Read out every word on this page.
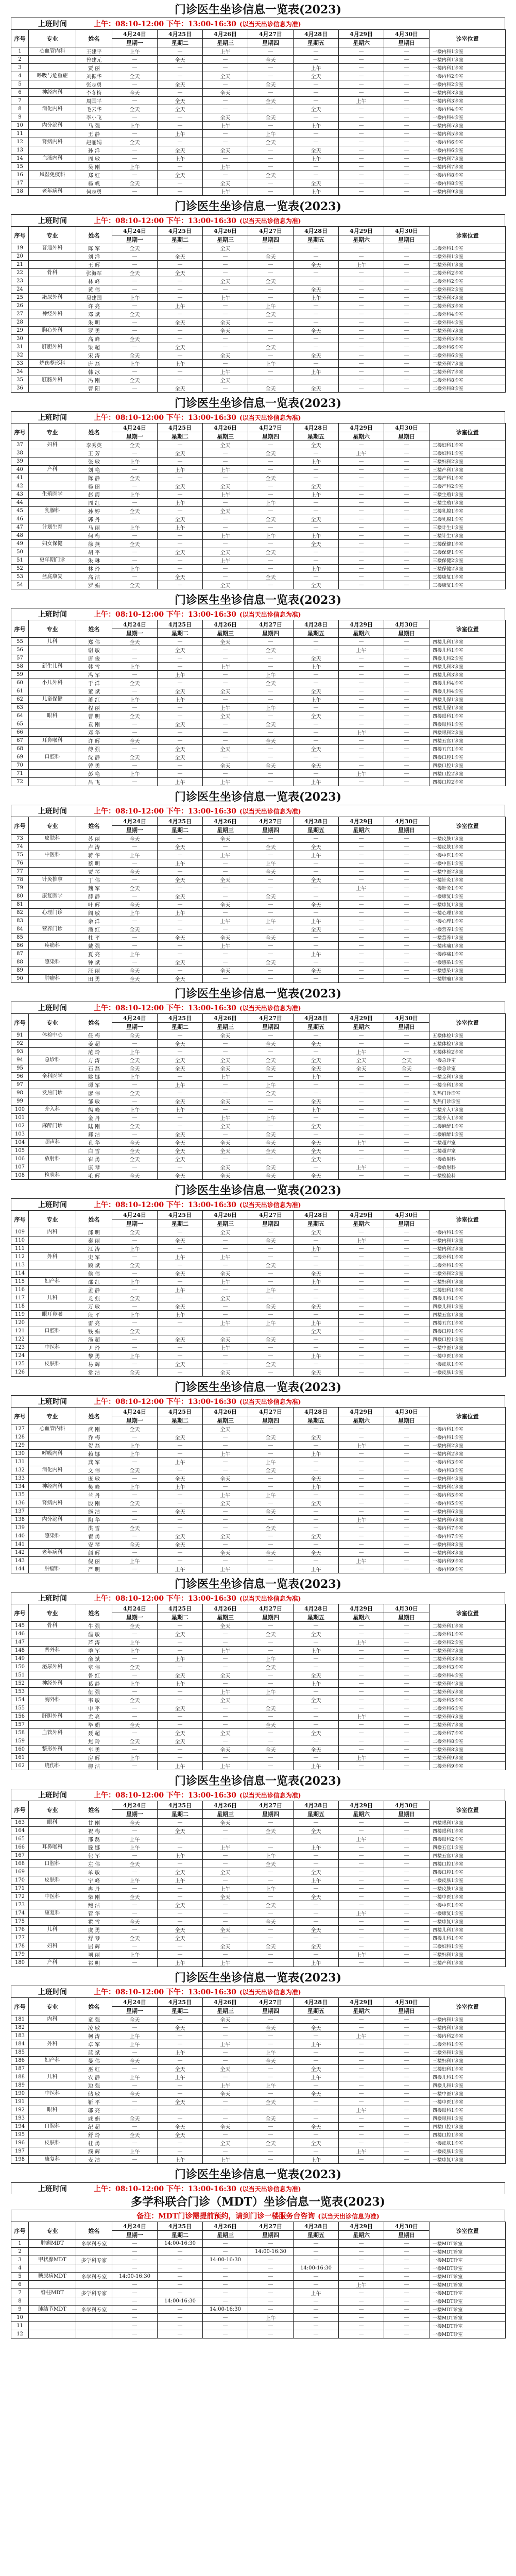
门诊医生坐诊信息一览表(2023)
上班时间	上午：08:10-12:00 下午：13:00-16:30 (以当天出诊信息为准)
序号	专业	姓名	4月24日	4月25日	4月26日	4月27日	4月28日	4月29日	4月30日	诊室位置
			星期一	星期二	星期三	星期四	星期五	星期六	星期日	
1	心血管内科	王建平	上午	—	上午	—	—	—	—	一楼内科1诊室
2		曾建元	—	全天	—	全天	—	—	—	一楼内科1诊室
3		贾 丽	—	—	—	—	上午	—	—	一楼内科1诊室
4	呼吸与危重症	刘振华	全天	—	全天	—	全天	—	—	一楼内科2诊室
5		张志勇	—	全天	—	全天	—	—	—	一楼内科2诊室
6	神经内科	李冬梅	全天	—	全天	—	—	—	—	一楼内科3诊室
7		周国平	—	全天	—	全天	—	上午	—	一楼内科3诊室
8	消化内科	毛云华	全天	全天	—	—	全天	—	—	一楼内科4诊室
9		李小飞	—	—	全天	全天	—	—	—	一楼内科4诊室
10	内分泌科	马 强	上午	—	上午	—	上午	—	—	一楼内科5诊室
11		王 静	—	上午	—	上午	—	—	—	一楼内科5诊室
12	肾病内科	赵丽娟	全天	—	—	全天	—	—	—	一楼内科6诊室
13		孙 洋	—	全天	全天	—	全天	—	—	一楼内科6诊室
14	血液内科	周 敏	—	上午	—	—	上午	—	—	一楼内科7诊室
15		吴 刚	上午	—	上午	—	—	—	—	一楼内科7诊室
16	风湿免疫科	郑 红	—	全天	—	全天	—	—	—	一楼内科8诊室
17		杨 帆	全天	—	全天	—	全天	—	—	一楼内科8诊室
18	老年病科	何志勇	—	—	上午	—	上午	—	—	一楼内科9诊室
门诊医生坐诊信息一览表(2023)
上班时间	上午：08:10-12:00 下午：13:00-16:30 (以当天出诊信息为准)
序号	专业	姓名	4月24日	4月25日	4月26日	4月27日	4月28日	4月29日	4月30日	诊室位置
			星期一	星期二	星期三	星期四	星期五	星期六	星期日	
19	普通外科	陈 军	全天	—	全天	—	—	—	—	二楼外科1诊室
20		刘 洋	—	全天	—	全天	—	—	—	二楼外科1诊室
21		王 辉	—	—	—	—	全天	上午	—	二楼外科1诊室
22	骨科	张海军	全天	全天	—	—	—	—	—	二楼外科2诊室
23		林 峰	—	—	全天	全天	—	—	—	二楼外科2诊室
24		黄 伟	—	—	—	—	全天	—	—	二楼外科2诊室
25	泌尿外科	吴建国	上午	—	上午	—	上午	—	—	二楼外科3诊室
26		许 亮	—	上午	—	上午	—	—	—	二楼外科3诊室
27	神经外科	邓 斌	全天	—	—	全天	—	—	—	二楼外科4诊室
28		朱 明	—	全天	全天	—	—	—	—	二楼外科4诊室
29	胸心外科	罗 勇	—	—	全天	—	全天	—	—	二楼外科5诊室
30		高 峰	全天	—	—	—	—	—	—	二楼外科5诊室
31	肝胆外科	梁 超	—	全天	—	全天	—	—	—	二楼外科6诊室
32		宋 涛	全天	—	全天	—	全天	—	—	二楼外科6诊室
33	烧伤整形科	唐 磊	上午	上午	—	上午	—	—	—	二楼外科7诊室
34		韩 冰	—	—	上午	—	上午	—	—	二楼外科7诊室
35	肛肠外科	冯 刚	全天	—	全天	—	—	—	—	二楼外科8诊室
36		曹 阳	—	全天	—	全天	全天	—	—	二楼外科8诊室
门诊医生坐诊信息一览表(2023)
上班时间	上午：08:10-12:00 下午：13:00-16:30 (以当天出诊信息为准)
序号	专业	姓名	4月24日	4月25日	4月26日	4月27日	4月28日	4月29日	4月30日	诊室位置
			星期一	星期二	星期三	星期四	星期五	星期六	星期日	
37	妇科	李秀英	全天	—	全天	—	全天	—	—	三楼妇科1诊室
38		王 芳	—	全天	—	全天	—	上午	—	三楼妇科1诊室
39		张 敏	上午	—	—	—	上午	—	—	三楼妇科2诊室
40	产科	刘 艳	—	上午	上午	—	—	—	—	三楼产科1诊室
41		陈 静	全天	—	—	全天	—	—	—	三楼产科1诊室
42		杨 丽	—	全天	全天	—	全天	—	—	三楼产科2诊室
43	生殖医学	赵 霞	上午	—	上午	—	上午	—	—	三楼生殖1诊室
44		周 红	—	上午	—	上午	—	—	—	三楼生殖1诊室
45	乳腺科	孙 婷	全天	—	全天	—	—	—	—	三楼乳腺1诊室
46		郭 丹	—	全天	—	全天	全天	—	—	三楼乳腺1诊室
47	计划生育	马 丽	上午	上午	—	—	—	—	—	三楼计生1诊室
48		何 梅	—	—	上午	上午	上午	—	—	三楼计生1诊室
49	妇女保健	徐 燕	全天	—	—	—	全天	—	—	三楼保健1诊室
50		胡 平	—	全天	全天	全天	—	—	—	三楼保健1诊室
51	更年期门诊	朱 琳	—	—	上午	—	—	—	—	三楼保健2诊室
52		林 玲	上午	—	—	—	上午	—	—	三楼保健2诊室
53	盆底康复	高 洁	—	全天	—	全天	—	—	—	三楼康复1诊室
54		罗 娟	全天	—	全天	—	全天	—	—	三楼康复1诊室
门诊医生坐诊信息一览表(2023)
上班时间	上午：08:10-12:00 下午：13:00-16:30 (以当天出诊信息为准)
序号	专业	姓名	4月24日	4月25日	4月26日	4月27日	4月28日	4月29日	4月30日	诊室位置
			星期一	星期二	星期三	星期四	星期五	星期六	星期日	
55	儿科	郑 伟	全天	—	全天	—	—	—	—	四楼儿科1诊室
56		谢 敏	—	全天	—	全天	—	上午	—	四楼儿科1诊室
57		唐 俊	—	—	—	—	全天	—	—	四楼儿科2诊室
58	新生儿科	韩 雪	上午	—	上午	—	上午	—	—	四楼儿科3诊室
59		冯 军	—	上午	—	上午	—	—	—	四楼儿科3诊室
60	小儿外科	于 洋	全天	—	—	全天	—	—	—	四楼儿科4诊室
61		董 斌	—	全天	全天	—	全天	—	—	四楼儿科4诊室
62	儿童保健	萧 红	上午	上午	—	—	上午	—	—	四楼儿保1诊室
63		程 丽	—	—	上午	上午	—	—	—	四楼儿保1诊室
64	眼科	曹 明	全天	—	全天	—	全天	—	—	四楼眼科1诊室
65		袁 刚	—	全天	—	全天	—	—	—	四楼眼科1诊室
66		邓 华	—	—	—	—	—	上午	—	四楼眼科2诊室
67	耳鼻喉科	许 辉	全天	—	—	全天	—	—	—	四楼五官1诊室
68		傅 强	—	全天	全天	—	全天	—	—	四楼五官1诊室
69	口腔科	沈 静	全天	全天	—	—	—	—	—	四楼口腔1诊室
70		曾 勇	—	—	全天	全天	全天	—	—	四楼口腔1诊室
71		彭 艳	上午	—	—	—	—	上午	—	四楼口腔2诊室
72		吕 飞	—	上午	上午	—	上午	—	—	四楼口腔2诊室
门诊医生坐诊信息一览表(2023)
上班时间	上午：08:10-12:00 下午：13:00-16:30 (以当天出诊信息为准)
序号	专业	姓名	4月24日	4月25日	4月26日	4月27日	4月28日	4月29日	4月30日	诊室位置
			星期一	星期二	星期三	星期四	星期五	星期六	星期日	
73	皮肤科	苏 丽	全天	—	全天	—	—	—	—	一楼皮肤1诊室
74		卢 涛	—	全天	—	全天	全天	—	—	一楼皮肤1诊室
75	中医科	蒋 华	上午	—	上午	—	上午	—	—	一楼中医1诊室
76		蔡 明	—	上午	—	上午	—	—	—	一楼中医1诊室
77		贾 琴	全天	—	—	全天	—	—	—	一楼中医2诊室
78	针灸推拿	丁 伟	—	全天	全天	—	全天	—	—	一楼针灸1诊室
79		魏 军	全天	—	—	—	—	上午	—	一楼针灸1诊室
80	康复医学	薛 静	—	全天	—	全天	—	—	—	一楼康复1诊室
81		叶 辉	全天	—	全天	—	全天	—	—	一楼康复1诊室
82	心理门诊	阎 敏	上午	上午	—	—	—	—	—	一楼心理1诊室
83		余 洋	—	—	上午	上午	上午	—	—	一楼心理1诊室
84	营养门诊	潘 红	全天	—	—	—	全天	—	—	一楼营养1诊室
85		杜 平	—	全天	全天	全天	—	—	—	一楼营养1诊室
86	疼痛科	戴 强	—	—	上午	—	—	—	—	一楼疼痛1诊室
87		夏 亮	上午	—	—	—	上午	—	—	一楼疼痛1诊室
88	感染科	钟 斌	—	全天	—	全天	—	—	—	一楼感染1诊室
89		汪 丽	全天	—	全天	—	全天	—	—	一楼感染1诊室
90	肿瘤科	田 勇	全天	全天	—	—	—	—	—	一楼肿瘤1诊室
门诊医生坐诊信息一览表(2023)
上班时间	上午：08:10-12:00 下午：13:00-16:30 (以当天出诊信息为准)
序号	专业	姓名	4月24日	4月25日	4月26日	4月27日	4月28日	4月29日	4月30日	诊室位置
			星期一	星期二	星期三	星期四	星期五	星期六	星期日	
91	体检中心	任 梅	全天	—	全天	—	—	—	—	五楼体检1诊室
92		姜 超	—	全天	—	全天	全天	—	—	五楼体检1诊室
93		范 玲	上午	—	—	—	—	上午	—	五楼体检2诊室
94	急诊科	方 涛	全天	全天	全天	全天	全天	全天	全天	一楼急诊室
95		石 磊	全天	全天	全天	全天	全天	全天	全天	一楼急诊室
96	全科医学	姚 娜	上午	—	上午	—	上午	—	—	一楼全科1诊室
97		谭 军	—	上午	—	上午	—	—	—	一楼全科1诊室
98	发热门诊	廖 伟	全天	—	—	全天	—	—	—	发热门诊诊室
99		邹 敏	—	全天	全天	—	全天	—	—	发热门诊诊室
100	介入科	熊 峰	上午	上午	—	—	上午	—	—	二楼介入1诊室
101		金 丹	—	—	上午	上午	—	—	—	二楼介入1诊室
102	麻醉门诊	陆 刚	全天	—	全天	—	全天	—	—	二楼麻醉1诊室
103		郝 洁	—	全天	—	全天	—	—	—	二楼麻醉1诊室
104	超声科	孔 华	全天	全天	全天	全天	全天	上午	—	二楼超声室
105		白 雪	全天	全天	全天	全天	全天	—	—	二楼超声室
106	放射科	崔 勇	全天	全天	—	—	全天	—	—	一楼放射科
107		康 琴	—	—	全天	全天	—	上午	—	一楼放射科
108	检验科	毛 辉	全天	全天	全天	全天	全天	—	—	一楼检验科
门诊医生坐诊信息一览表(2023)
上班时间	上午：08:10-12:00 下午：13:00-16:30 (以当天出诊信息为准)
序号	专业	姓名	4月24日	4月25日	4月26日	4月27日	4月28日	4月29日	4月30日	诊室位置
			星期一	星期二	星期三	星期四	星期五	星期六	星期日	
109	内科	邱 明	全天	—	全天	—	全天	—	—	一楼内科1诊室
110		秦 丽	—	全天	—	全天	—	上午	—	一楼内科1诊室
111		江 涛	上午	—	—	—	上午	—	—	一楼内科2诊室
112	外科	史 军	—	上午	上午	—	—	—	—	二楼外科1诊室
113		顾 斌	全天	—	—	全天	—	—	—	二楼外科1诊室
114		侯 伟	—	全天	全天	—	全天	—	—	二楼外科2诊室
115	妇产科	邵 红	上午	—	上午	—	上午	—	—	三楼妇科1诊室
116		孟 静	—	上午	—	上午	—	—	—	三楼妇科1诊室
117	儿科	龙 强	全天	—	全天	—	—	—	—	四楼儿科1诊室
118		万 敏	—	全天	—	全天	全天	—	—	四楼儿科1诊室
119	眼耳鼻喉	段 平	上午	上午	—	—	—	—	—	四楼五官1诊室
120		雷 亮	—	—	上午	上午	上午	—	—	四楼五官1诊室
121	口腔科	钱 娟	全天	—	—	—	全天	—	—	四楼口腔1诊室
122		汤 超	—	全天	全天	全天	—	—	—	四楼口腔1诊室
123	中医科	尹 玲	—	—	上午	—	—	—	—	一楼中医1诊室
124		黎 勇	上午	—	—	—	上午	—	—	一楼中医1诊室
125	皮肤科	易 辉	—	全天	—	全天	—	—	—	一楼皮肤1诊室
126		常 洁	全天	—	全天	—	全天	—	—	一楼皮肤1诊室
门诊医生坐诊信息一览表(2023)
上班时间	上午：08:10-12:00 下午：13:00-16:30 (以当天出诊信息为准)
序号	专业	姓名	4月24日	4月25日	4月26日	4月27日	4月28日	4月29日	4月30日	诊室位置
			星期一	星期二	星期三	星期四	星期五	星期六	星期日	
127	心血管内科	武 刚	全天	—	全天	—	—	—	—	一楼内科1诊室
128		乔 梅	—	全天	—	全天	全天	—	—	一楼内科1诊室
129		贺 磊	上午	—	—	—	—	上午	—	一楼内科2诊室
130	呼吸内科	赖 娜	上午	—	上午	—	上午	—	—	一楼内科2诊室
131		龚 军	—	上午	—	上午	—	—	—	一楼内科3诊室
132	消化内科	文 伟	全天	—	—	全天	—	—	—	一楼内科3诊室
133		庞 敏	—	全天	全天	—	全天	—	—	一楼内科4诊室
134	神经内科	樊 峰	上午	上午	—	—	上午	—	—	一楼内科4诊室
135		兰 丹	—	—	上午	上午	—	—	—	一楼内科5诊室
136	肾病内科	殷 刚	全天	—	全天	—	全天	—	—	一楼内科5诊室
137		施 洁	—	全天	—	全天	—	—	—	一楼内科6诊室
138	内分泌科	陶 华	—	—	—	—	—	上午	—	一楼内科6诊室
139		洪 雪	全天	—	—	全天	—	—	—	一楼内科7诊室
140	感染科	翟 勇	—	全天	全天	—	全天	—	—	一楼内科7诊室
141		安 琴	全天	全天	—	—	—	—	—	一楼内科8诊室
142	老年病科	颜 辉	—	—	全天	全天	全天	—	—	一楼内科8诊室
143		倪 丽	上午	—	—	—	—	上午	—	一楼内科9诊室
144	肿瘤科	严 明	—	上午	上午	—	上午	—	—	一楼内科9诊室
门诊医生坐诊信息一览表(2023)
上班时间	上午：08:10-12:00 下午：13:00-16:30 (以当天出诊信息为准)
序号	专业	姓名	4月24日	4月25日	4月26日	4月27日	4月28日	4月29日	4月30日	诊室位置
			星期一	星期二	星期三	星期四	星期五	星期六	星期日	
145	骨科	牛 强	全天	—	全天	—	—	—	—	二楼外科1诊室
146		温 敏	—	全天	—	全天	全天	—	—	二楼外科1诊室
147		芦 涛	上午	—	—	—	—	上午	—	二楼外科2诊室
148	普外科	季 军	上午	—	上午	—	上午	—	—	二楼外科2诊室
149		俞 斌	—	上午	—	上午	—	—	—	二楼外科3诊室
150	泌尿外科	章 伟	全天	—	—	全天	—	—	—	二楼外科3诊室
151		鲁 红	—	全天	全天	—	全天	—	—	二楼外科4诊室
152	神经外科	葛 静	上午	上午	—	—	上午	—	—	二楼外科4诊室
153		伍 强	—	—	上午	上午	—	—	—	二楼外科5诊室
154	胸外科	韦 敏	全天	—	全天	—	全天	—	—	二楼外科5诊室
155		申 平	—	全天	—	全天	—	—	—	二楼外科6诊室
156	肝胆外科	尤 亮	—	—	—	—	—	上午	—	二楼外科6诊室
157		毕 娟	全天	—	—	全天	—	—	—	二楼外科7诊室
158	血管外科	聂 超	—	全天	全天	—	全天	—	—	二楼外科7诊室
159		焦 玲	全天	全天	—	—	—	—	—	二楼外科8诊室
160	整形外科	车 勇	—	—	全天	全天	全天	—	—	二楼外科8诊室
161		房 辉	上午	—	—	—	—	上午	—	二楼外科9诊室
162	烧伤科	柳 洁	—	上午	上午	—	上午	—	—	二楼外科9诊室
门诊医生坐诊信息一览表(2023)
上班时间	上午：08:10-12:00 下午：13:00-16:30 (以当天出诊信息为准)
序号	专业	姓名	4月24日	4月25日	4月26日	4月27日	4月28日	4月29日	4月30日	诊室位置
			星期一	星期二	星期三	星期四	星期五	星期六	星期日	
163	眼科	甘 刚	全天	—	全天	—	—	—	—	四楼眼科1诊室
164		祝 梅	—	全天	—	全天	全天	—	—	四楼眼科1诊室
165		邢 磊	上午	—	—	—	—	上午	—	四楼眼科2诊室
166	耳鼻喉科	滕 娜	上午	—	上午	—	上午	—	—	四楼五官1诊室
167		包 军	—	上午	—	上午	—	—	—	四楼五官1诊室
168	口腔科	左 伟	全天	—	—	全天	—	—	—	四楼口腔1诊室
169		单 敏	—	全天	全天	—	全天	—	—	四楼口腔1诊室
170	皮肤科	宁 峰	上午	上午	—	—	上午	—	—	一楼皮肤1诊室
171		冉 丹	—	—	上午	上午	—	—	—	一楼皮肤1诊室
172	中医科	柴 刚	全天	—	全天	—	全天	—	—	一楼中医1诊室
173		鲍 洁	—	全天	—	全天	—	—	—	一楼中医1诊室
174	康复科	管 华	—	—	—	—	—	上午	—	一楼康复1诊室
175		霍 雪	全天	—	—	全天	—	—	—	一楼康复1诊室
176	儿科	虞 勇	—	全天	全天	—	全天	—	—	四楼儿科1诊室
177		舒 琴	全天	全天	—	—	—	—	—	四楼儿科1诊室
178	妇科	屈 辉	—	—	全天	全天	全天	—	—	三楼妇科1诊室
179		项 丽	上午	—	—	—	—	上午	—	三楼妇科1诊室
180	产科	祁 明	—	上午	上午	—	上午	—	—	三楼产科1诊室
门诊医生坐诊信息一览表(2023)
上班时间	上午：08:10-12:00 下午：13:00-16:30 (以当天出诊信息为准)
序号	专业	姓名	4月24日	4月25日	4月26日	4月27日	4月28日	4月29日	4月30日	诊室位置
			星期一	星期二	星期三	星期四	星期五	星期六	星期日	
181	内科	童 强	全天	—	全天	—	—	—	—	一楼内科1诊室
182		凌 敏	—	全天	—	全天	全天	—	—	一楼内科1诊室
183		柯 涛	上午	—	—	—	—	上午	—	一楼内科2诊室
184	外科	卓 军	上午	—	上午	—	上午	—	—	二楼外科1诊室
185		蓝 斌	—	上午	—	上午	—	—	—	二楼外科1诊室
186	妇产科	晏 伟	全天	—	—	全天	—	—	—	三楼妇科1诊室
187		巫 红	—	全天	全天	—	全天	—	—	三楼妇科1诊室
188	儿科	农 静	上午	上午	—	—	上午	—	—	四楼儿科1诊室
189		边 强	—	—	上午	上午	—	—	—	四楼儿科1诊室
190	中医科	储 敏	全天	—	全天	—	全天	—	—	一楼中医1诊室
191		靳 平	—	全天	—	全天	—	—	—	一楼中医1诊室
192	眼科	邬 亮	—	—	—	—	—	上午	—	四楼眼科1诊室
193		戚 娟	全天	—	—	全天	—	—	—	四楼眼科1诊室
194	口腔科	纪 超	—	全天	全天	—	全天	—	—	四楼口腔1诊室
195		舒 玲	全天	全天	—	—	—	—	—	四楼口腔1诊室
196	皮肤科	桂 勇	—	—	全天	全天	全天	—	—	一楼皮肤1诊室
197		濮 辉	上午	—	—	—	—	上午	—	一楼皮肤1诊室
198	康复科	麦 洁	—	上午	上午	—	上午	—	—	一楼康复1诊室
门诊医生坐诊信息一览表(2023)
上班时间	上午：08:10-12:00 下午：13:00-16:30 (以当天出诊信息为准)
多学科联合门诊（MDT）坐诊信息一览表(2023)
备注：MDT门诊需提前预约，请到门诊一楼服务台咨询 (以当天出诊信息为准)
序号	专业	姓名	4月24日	4月25日	4月26日	4月27日	4月28日	4月29日	4月30日	诊室位置
			星期一	星期二	星期三	星期四	星期五	星期六	星期日	
1	肿瘤MDT	多学科专家	—	14:00-16:30	—	—	—	—	—	一楼MDT诊室
2			—	—	—	14:00-16:30	—	—	—	一楼MDT诊室
3	甲状腺MDT	多学科专家	—	—	14:00-16:30	—	—	—	—	一楼MDT诊室
4			—	—	—	—	14:00-16:30	—	—	一楼MDT诊室
5	糖尿病MDT	多学科专家	14:00-16:30	—	—	—	—	—	—	一楼MDT诊室
6			—	—	—	—	—	上午	—	一楼MDT诊室
7	脊柱MDT	多学科专家	—	—	—	—	上午	—	—	一楼MDT诊室
8			—	14:00-16:30	—	—	—	—	—	一楼MDT诊室
9	肺结节MDT	多学科专家	—	—	14:00-16:30	—	—	—	—	一楼MDT诊室
10			—	—	—	上午	—	—	—	一楼MDT诊室
11			—	—	—	—	—	—	—	一楼MDT诊室
12			—	—	—	—	—	—	—	一楼MDT诊室
